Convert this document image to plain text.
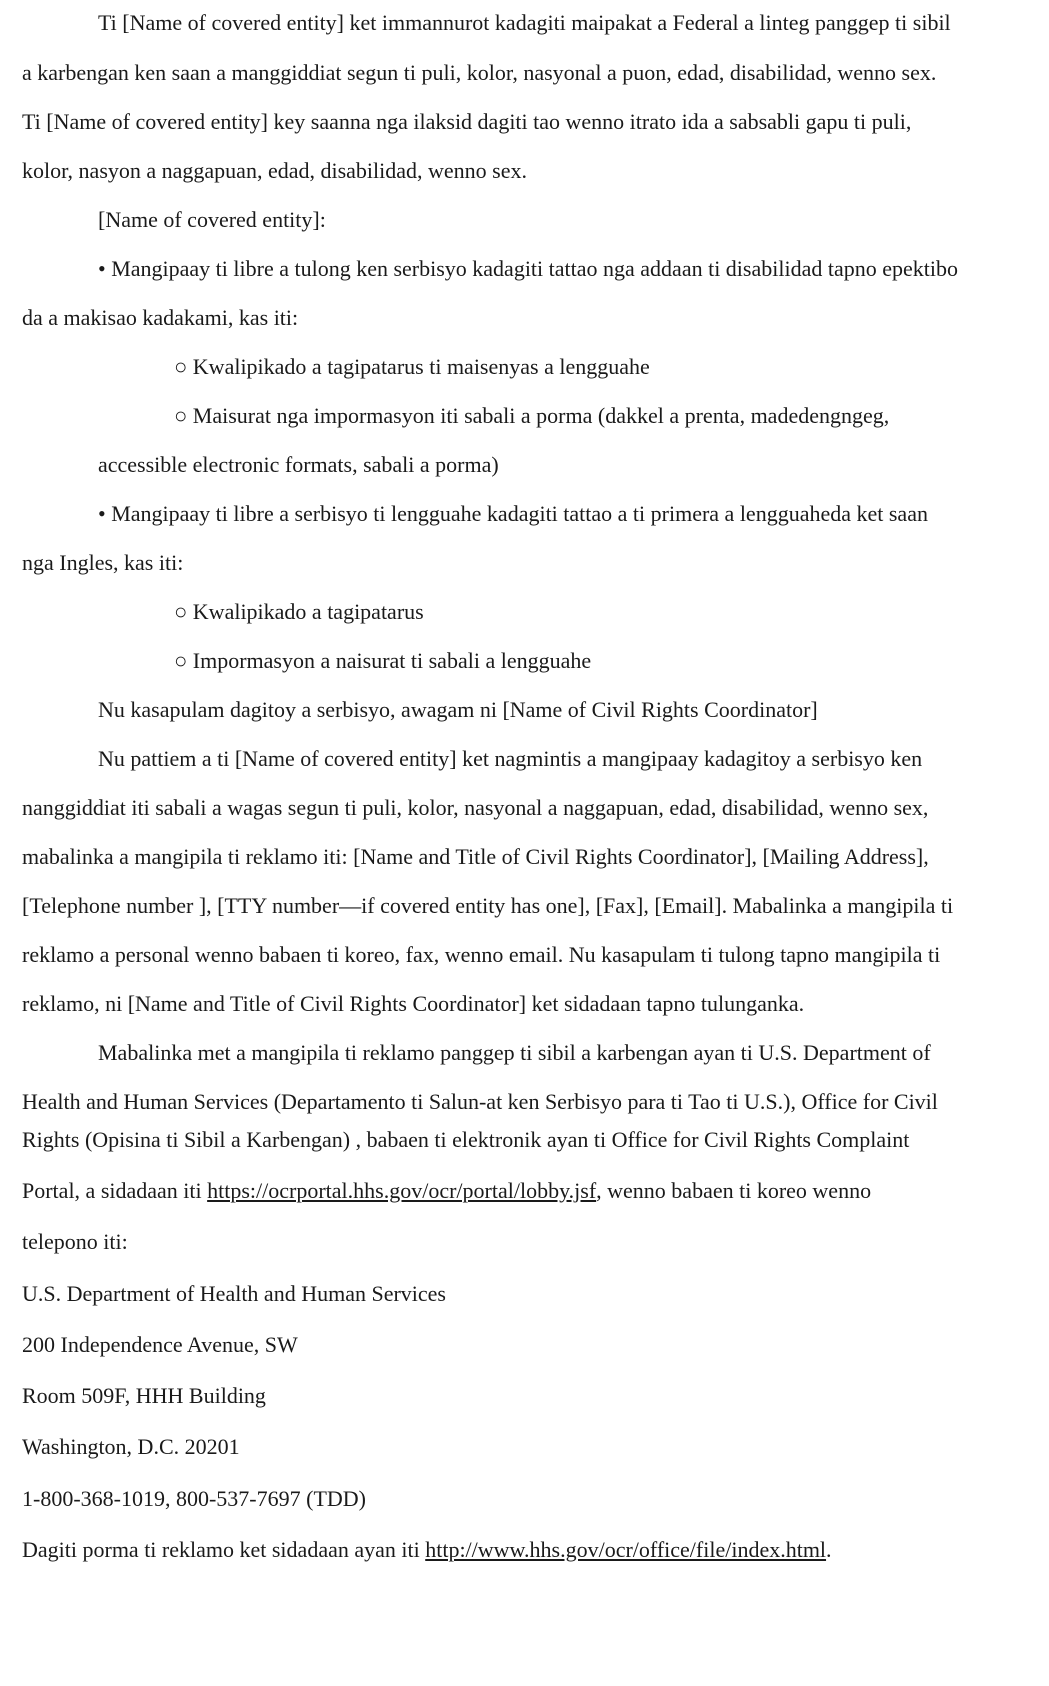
Ti [Name of covered entity] ket immannurot kadagiti maipakat a Federal a linteg panggep ti sibil
a karbengan ken saan a manggiddiat segun ti puli, kolor, nasyonal a puon, edad, disabilidad, wenno sex.
Ti [Name of covered entity] key saanna nga ilaksid dagiti tao wenno itrato ida a sabsabli gapu ti puli,
kolor, nasyon a naggapuan, edad, disabilidad, wenno sex.
[Name of covered entity]:
• Mangipaay ti libre a tulong ken serbisyo kadagiti tattao nga addaan ti disabilidad tapno epektibo
da a makisao kadakami, kas iti:
○ Kwalipikado a tagipatarus ti maisenyas a lengguahe
○ Maisurat nga impormasyon iti sabali a porma (dakkel a prenta, madedengngeg,
accessible electronic formats, sabali a porma)
• Mangipaay ti libre a serbisyo ti lengguahe kadagiti tattao a ti primera a lengguaheda ket saan
nga Ingles, kas iti:
○ Kwalipikado a tagipatarus
○ Impormasyon a naisurat ti sabali a lengguahe
Nu kasapulam dagitoy a serbisyo, awagam ni [Name of Civil Rights Coordinator]
Nu pattiem a ti [Name of covered entity] ket nagmintis a mangipaay kadagitoy a serbisyo ken
nanggiddiat iti sabali a wagas segun ti puli, kolor, nasyonal a naggapuan, edad, disabilidad, wenno sex,
mabalinka a mangipila ti reklamo iti: [Name and Title of Civil Rights Coordinator], [Mailing Address],
[Telephone number ], [TTY number—if covered entity has one], [Fax], [Email]. Mabalinka a mangipila ti
reklamo a personal wenno babaen ti koreo, fax, wenno email. Nu kasapulam ti tulong tapno mangipila ti
reklamo, ni [Name and Title of Civil Rights Coordinator] ket sidadaan tapno tulunganka.
Mabalinka met a mangipila ti reklamo panggep ti sibil a karbengan ayan ti U.S. Department of
Health and Human Services (Departamento ti Salun-at ken Serbisyo para ti Tao ti U.S.), Office for Civil
Rights (Opisina ti Sibil a Karbengan) , babaen ti elektronik ayan ti Office for Civil Rights Complaint
Portal, a sidadaan iti https://ocrportal.hhs.gov/ocr/portal/lobby.jsf, wenno babaen ti koreo wenno
telepono iti:
U.S. Department of Health and Human Services
200 Independence Avenue, SW
Room 509F, HHH Building
Washington, D.C. 20201
1-800-368-1019, 800-537-7697 (TDD)
Dagiti porma ti reklamo ket sidadaan ayan iti http://www.hhs.gov/ocr/office/file/index.html.
